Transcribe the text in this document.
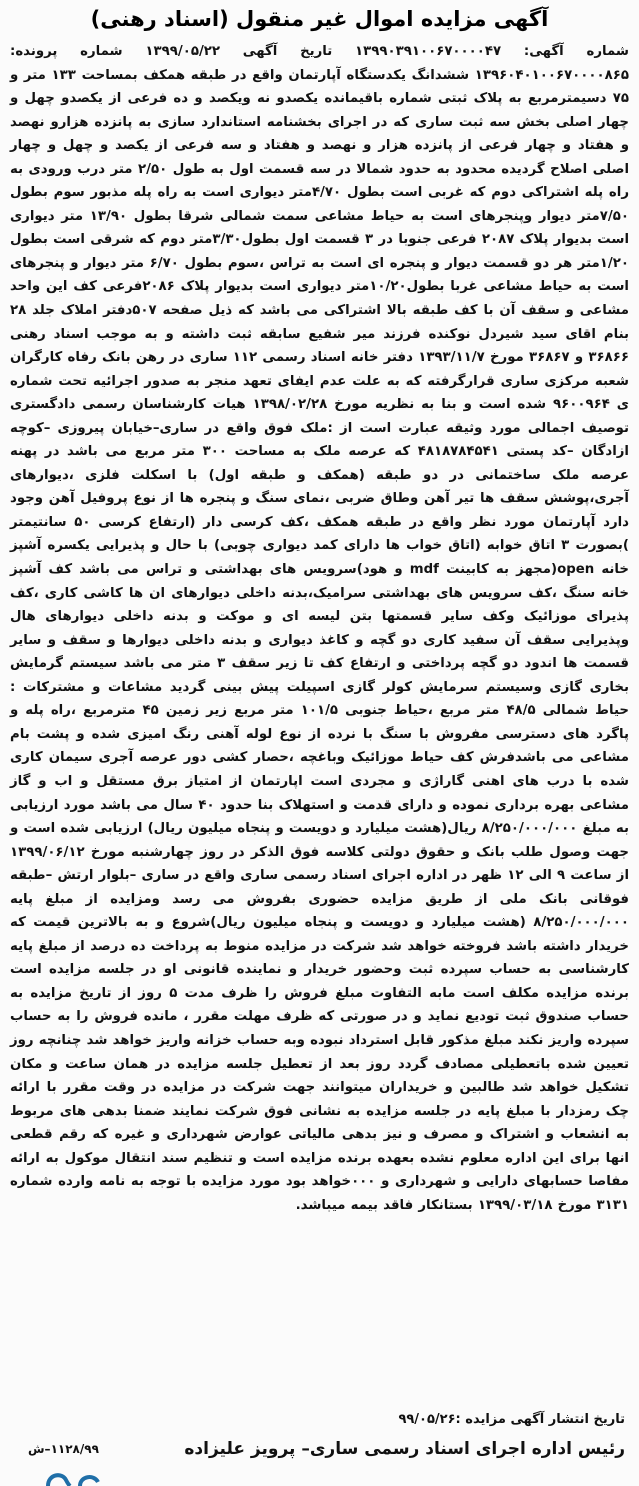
آگهی مزایده اموال غیر منقول (اسناد رهنی)
شماره آگهی: ۱۳۹۹۰۳۹۱۰۰۶۷۰۰۰۰۴۷ تاریخ آگهی ۱۳۹۹/۰۵/۲۲ شماره پرونده: ۱۳۹۶۰۴۰۱۰۰۶۷۰۰۰۰۸۶۵ ششدانگ یکدستگاه آپارتمان واقع در طبقه همکف بمساحت ۱۳۳ متر و ۷۵ دسیمترمربع به پلاک ثبتی شماره باقیمانده یکصدو نه ویکصد و ده فرعی از یکصدو چهل و چهار اصلی بخش سه ثبت ساری که در اجرای بخشنامه استاندارد سازی به پانزده هزارو نهصد و هفتاد و چهار فرعی از پانزده هزار و نهصد و هفتاد و سه فرعی از یکصد و چهل و چهار اصلی اصلاح گردیده محدود به حدود شمالا در سه قسمت اول به طول ۲/۵۰ متر درب ورودی به راه پله اشتراکی دوم که غربی است بطول ۴/۷۰متر دیواری است به راه پله مذبور سوم بطول ۷/۵۰متر دیوار وپنجرهای است به حیاط مشاعی سمت شمالی شرقا بطول ۱۳/۹۰ متر دیواری است بدیوار پلاک ۲۰۸۷ فرعی جنوبا در ۳ قسمت اول بطول۳/۳۰متر دوم که شرقی است بطول ۱/۲۰متر هر دو قسمت دیوار و پنجره ای است به تراس ،سوم بطول ۶/۷۰ متر دیوار و پنجرهای است به حیاط مشاعی غربا بطول۱۰/۲۰متر دیواری است بدیوار پلاک ۲۰۸۶فرعی کف این واحد مشاعی و سقف آن با کف طبقه بالا اشتراکی می باشد که ذیل صفحه ۵۰۷دفتر املاک جلد ۲۸ بنام اقای سید شیردل نوکنده فرزند میر شفیع سابقه ثبت داشته و به موجب اسناد رهنی ۳۶۸۶۶ و ۳۶۸۶۷ مورخ ۱۳۹۳/۱۱/۷ دفتر خانه اسناد رسمی ۱۱۲ ساری در رهن بانک رفاه کارگران شعبه مرکزی ساری قرارگرفته که به علت عدم ایفای تعهد منجر به صدور اجرائیه تحت شماره ی ۹۶۰۰۹۶۴ شده است و بنا به نظریه مورخ ۱۳۹۸/۰۲/۲۸ هیات کارشناسان رسمی دادگستری توصیف اجمالی مورد وثیقه عبارت است از :ملک فوق واقع در ساری–خیابان پیروزی –کوچه ازادگان –کد پستی ۴۸۱۸۷۸۴۵۴۱ که عرصه ملک به مساحت ۳۰۰ متر مربع می باشد در پهنه عرصه ملک ساختمانی در دو طبقه (همکف و طبقه اول) با اسکلت فلزی ،دیوارهای آجری،پوشش سقف ها تیر آهن وطاق ضربی ،نمای سنگ و پنجره ها از نوع پروفیل آهن وجود دارد آپارتمان مورد نظر واقع در طبقه همکف ،کف کرسی دار (ارتفاع کرسی ۵۰ سانتیمتر )بصورت ۳ اتاق خوابه (اتاق خواب ها دارای کمد دیواری چوبی) با حال و پذیرایی یکسره آشپز خانه open(مجهز به کابینت mdf و هود)سرویس های بهداشتی و تراس می باشد کف آشپز خانه سنگ ،کف سرویس های بهداشتی سرامیک،بدنه داخلی دیوارهای ان ها کاشی کاری ،کف پذیرای موزائیک وکف سایر قسمتها بتن لیسه ای و موکت و بدنه داخلی دیوارهای هال وپذیرایی سقف آن سفید کاری دو گچه و کاغذ دیواری و بدنه داخلی دیوارها و سقف و سایر قسمت ها اندود دو گچه پرداختی و ارتفاع کف تا زیر سقف ۳ متر می باشد سیستم گرمایش بخاری گازی وسیستم سرمایش کولر گازی اسپیلت پیش بینی گردید مشاعات و مشترکات : حیاط شمالی ۴۸/۵ متر مربع ،حیاط جنوبی ۱۰۱/۵ متر مربع زیر زمین ۴۵ مترمربع ،راه پله و پاگرد های دسترسی مفروش با سنگ با نرده از نوع لوله آهنی رنگ امیزی شده و پشت بام مشاعی می باشدفرش کف حیاط موزائیک وباغچه ،حصار کشی دور عرصه آجری سیمان کاری شده با درب های اهنی گاراژی و مجردی است اپارتمان از امتیاز برق مستقل و اب و گاز مشاعی بهره برداری نموده و دارای قدمت و استهلاک بنا حدود ۴۰ سال می باشد مورد ارزیابی به مبلغ ۸/۲۵۰/۰۰۰/۰۰۰ ریال(هشت میلیارد و دویست و پنجاه میلیون ریال) ارزیابی شده است و جهت وصول طلب بانک و حقوق دولتی کلاسه فوق الذکر در روز چهارشنبه مورخ ۱۳۹۹/۰۶/۱۲ از ساعت ۹ الی ۱۲ ظهر در اداره اجرای اسناد رسمی ساری واقع در ساری –بلوار ارتش –طبقه فوقانی بانک ملی از طریق مزایده حضوری بفروش می رسد ومزایده از مبلغ پایه ۸/۲۵۰/۰۰۰/۰۰۰ (هشت میلیارد و دویست و پنجاه میلیون ریال)شروع و به بالاترین قیمت که خریدار داشته باشد فروخته خواهد شد شرکت در مزایده منوط به پرداخت ده درصد از مبلغ پایه کارشناسی به حساب سپرده ثبت وحضور خریدار و نماینده قانونی او در جلسه مزایده است برنده مزایده مکلف است مابه التفاوت مبلغ فروش را ظرف مدت ۵ روز از تاریخ مزایده به حساب صندوق ثبت تودیع نماید و در صورتی که ظرف مهلت مقرر ، مانده فروش را به حساب سپرده واریز نکند مبلغ مذکور قابل استرداد نبوده وبه حساب خزانه واریز خواهد شد چنانچه روز تعیین شده باتعطیلی مصادف گردد روز بعد از تعطیل جلسه مزایده در همان ساعت و مکان تشکیل خواهد شد طالبین و خریداران میتوانند جهت شرکت در مزایده در وقت مقرر با ارائه چک رمزدار با مبلغ پایه در جلسه مزایده به نشانی فوق شرکت نمایند ضمنا بدهی های مربوط به انشعاب و اشتراک و مصرف و نیز بدهی مالیاتی عوارض شهرداری و غیره که رقم قطعی انها برای این اداره معلوم نشده بعهده برنده مزایده است و تنظیم سند انتقال موکول به ارائه مفاصا حسابهای دارایی و شهرداری و ۰۰۰خواهد بود مورد مزایده با توجه به نامه وارده شماره ۳۱۳۱ مورخ ۱۳۹۹/۰۳/۱۸ بستانکار فاقد بیمه میباشد.
تاریخ انتشار آگهی مزایده :۹۹/۰۵/۲۶
رئیس اداره اجرای اسناد رسمی ساری– پرویز علیزاده
۱۱۲۸/۹۹–ش
